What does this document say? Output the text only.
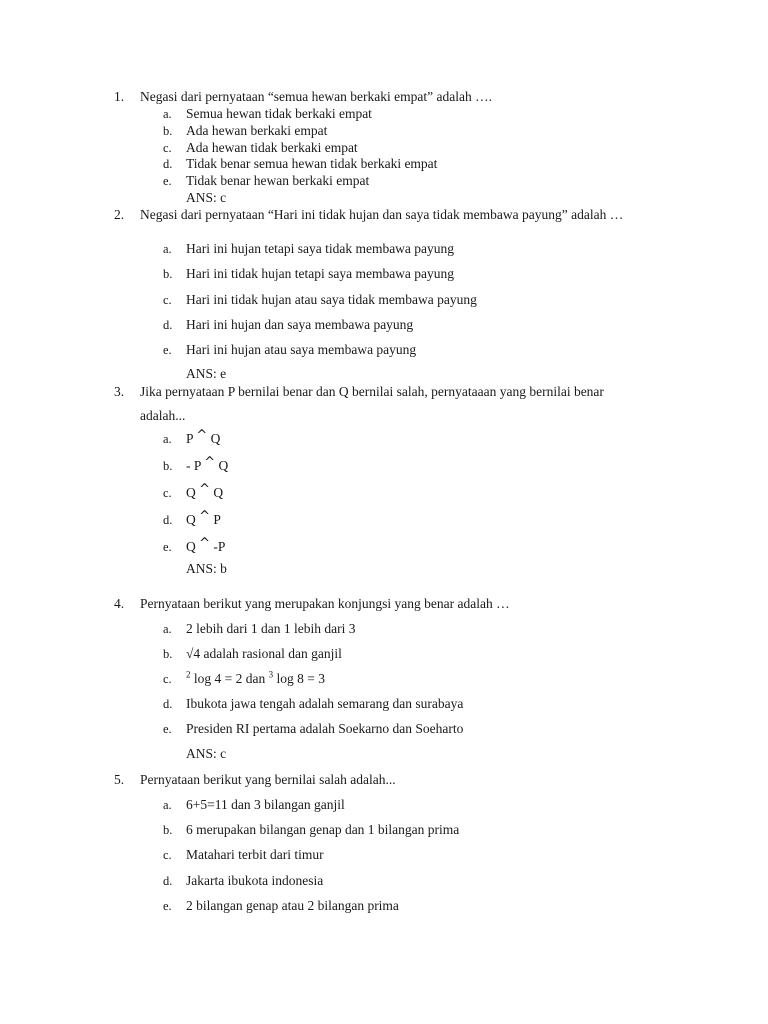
1.	Negasi dari pernyataan “semua hewan berkaki empat” adalah ….
a. Semua hewan tidak berkaki empat
b. Ada hewan berkaki empat
c. Ada hewan tidak berkaki empat
d. Tidak benar semua hewan tidak berkaki empat
e. Tidak benar hewan berkaki empat
ANS: c
2.	Negasi dari pernyataan “Hari ini tidak hujan dan saya tidak membawa payung” adalah …
a. Hari ini hujan tetapi saya tidak membawa payung
b. Hari ini tidak hujan tetapi saya membawa payung
c. Hari ini tidak hujan atau saya tidak membawa payung
d. Hari ini hujan dan saya membawa payung
e. Hari ini hujan atau saya membawa payung
ANS: e
3.	Jika pernyataan P bernilai benar dan Q bernilai salah, pernyataaan yang bernilai benar
adalah...
a. P ^ Q
b. - P ^ Q
c. Q ^ Q
d. Q ^ P
e. Q ^ -P
ANS: b
4.	Pernyataan berikut yang merupakan konjungsi yang benar adalah …
a. 2 lebih dari 1 dan 1 lebih dari 3
b. √4 adalah rasional dan ganjil
c. $^2$ log 4 = 2 dan $^3$ log 8 = 3
d. Ibukota jawa tengah adalah semarang dan surabaya
e. Presiden RI pertama adalah Soekarno dan Soeharto
ANS: c
5.	Pernyataan berikut yang bernilai salah adalah...
a. 6+5=11 dan 3 bilangan ganjil
b. 6 merupakan bilangan genap dan 1 bilangan prima
c. Matahari terbit dari timur
d. Jakarta ibukota indonesia
e. 2 bilangan genap atau 2 bilangan prima
